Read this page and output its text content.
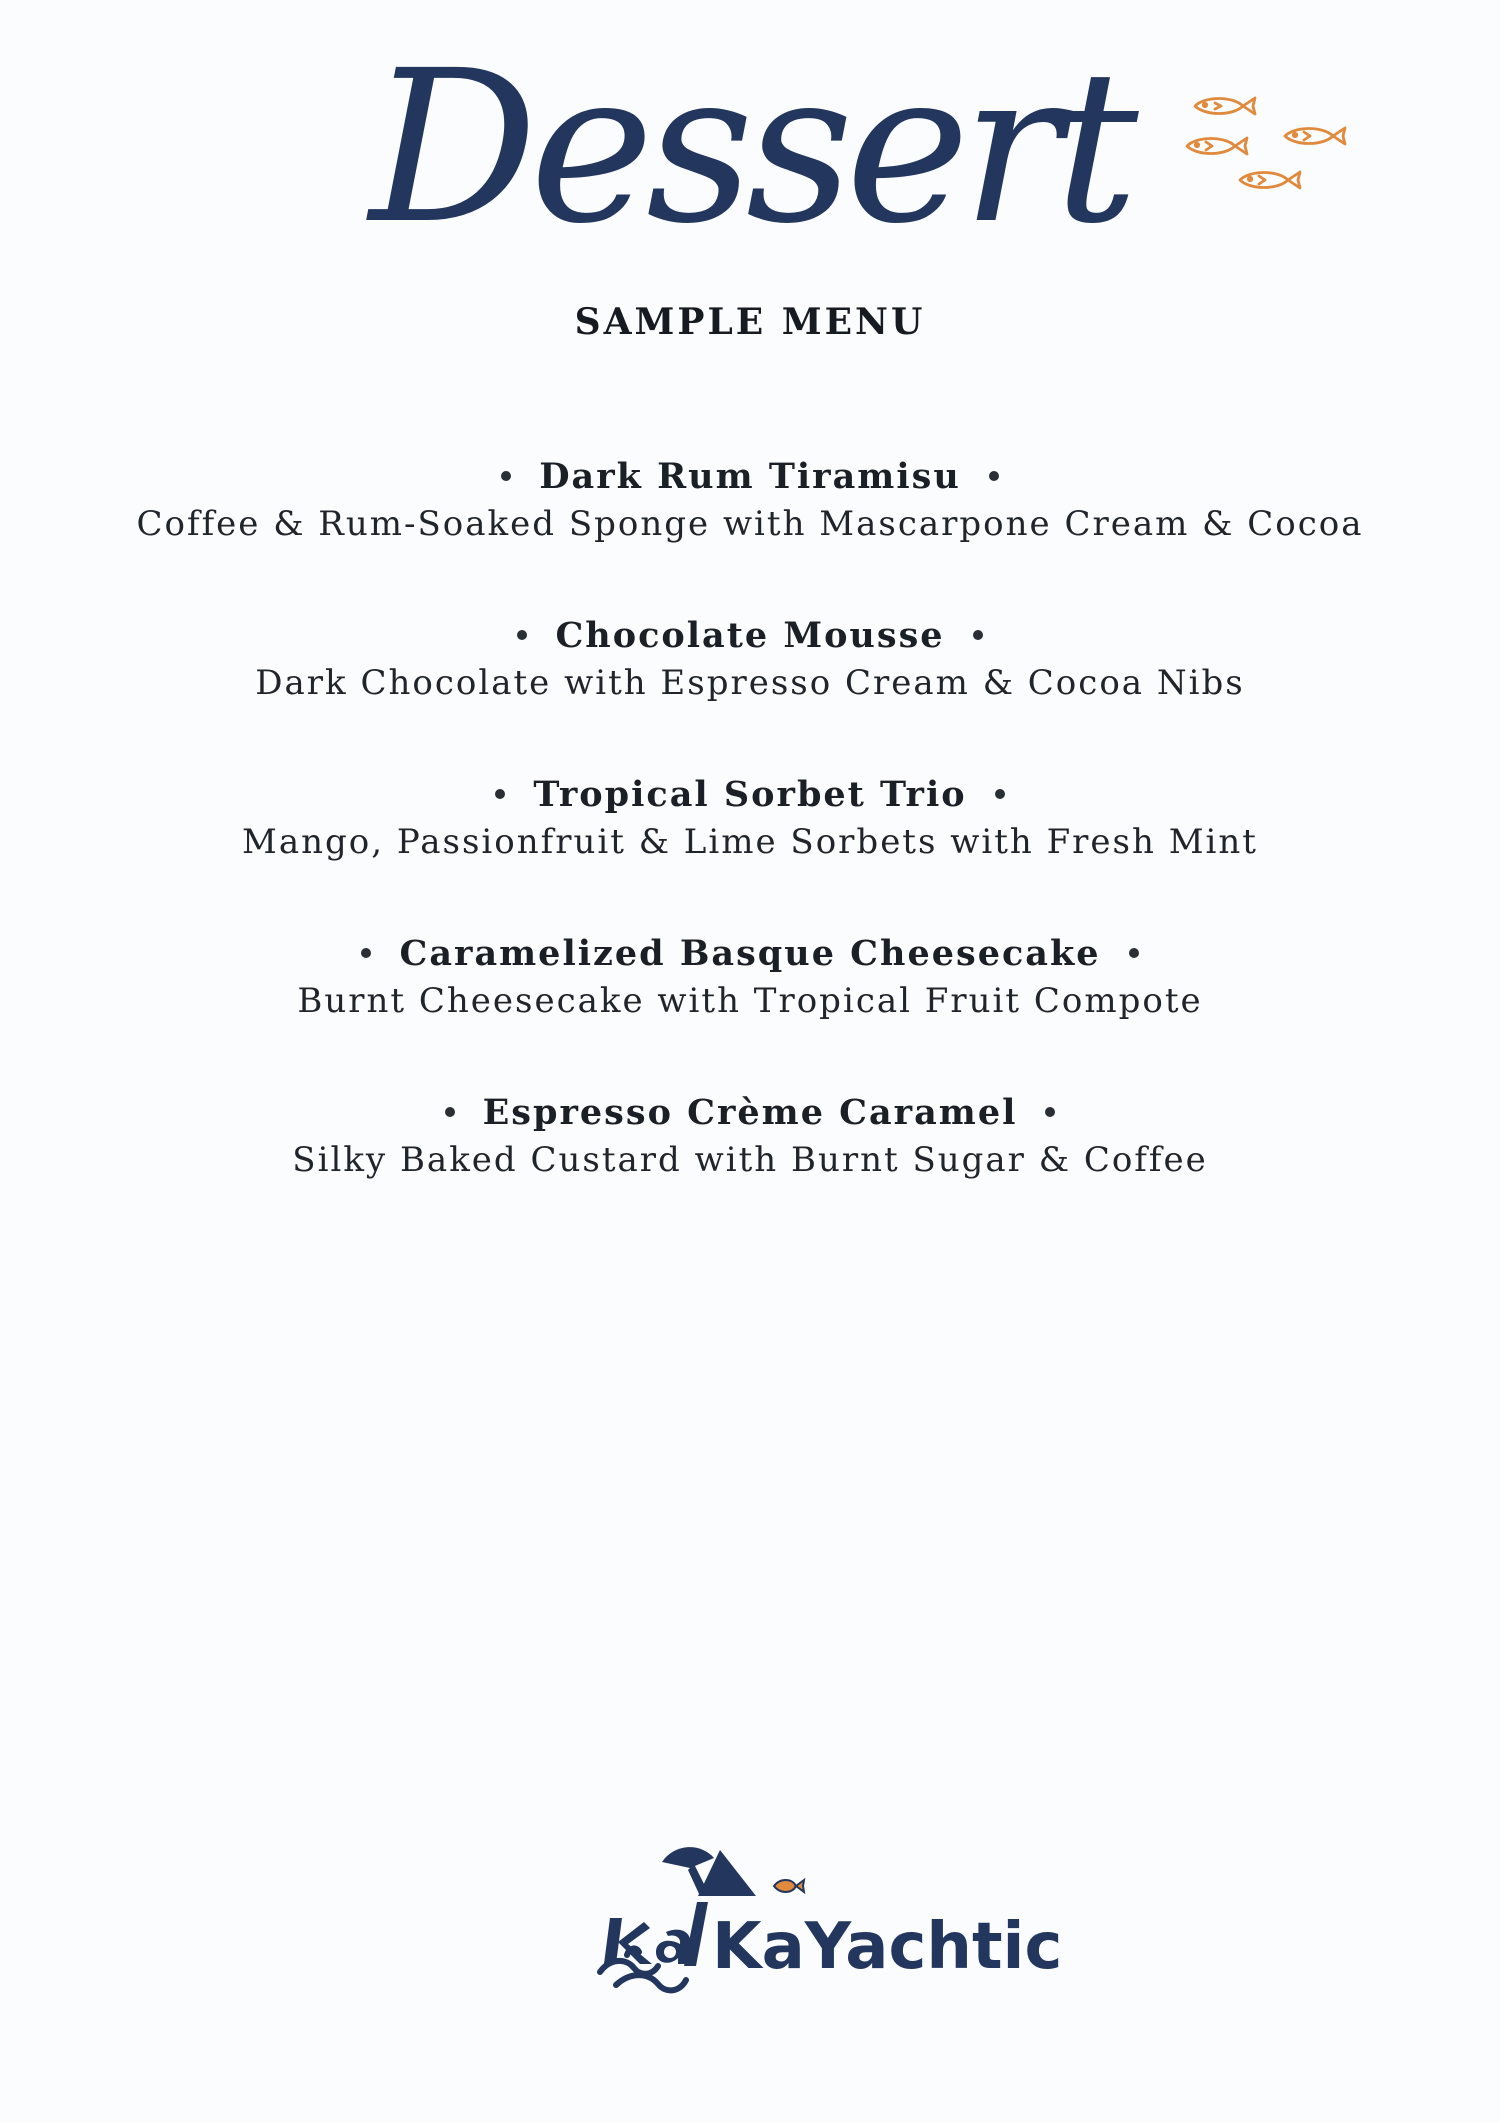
Dessert
SAMPLE MENU
Dark Rum Tiramisu
Coffee & Rum-Soaked Sponge with Mascarpone Cream & Cocoa
Chocolate Mousse
Dark Chocolate with Espresso Cream & Cocoa Nibs
Tropical Sorbet Trio
Mango, Passionfruit & Lime Sorbets with Fresh Mint
Caramelized Basque Cheesecake
Burnt Cheesecake with Tropical Fruit Compote
Espresso Crème Caramel
Silky Baked Custard with Burnt Sugar & Coffee
KaYachtic
